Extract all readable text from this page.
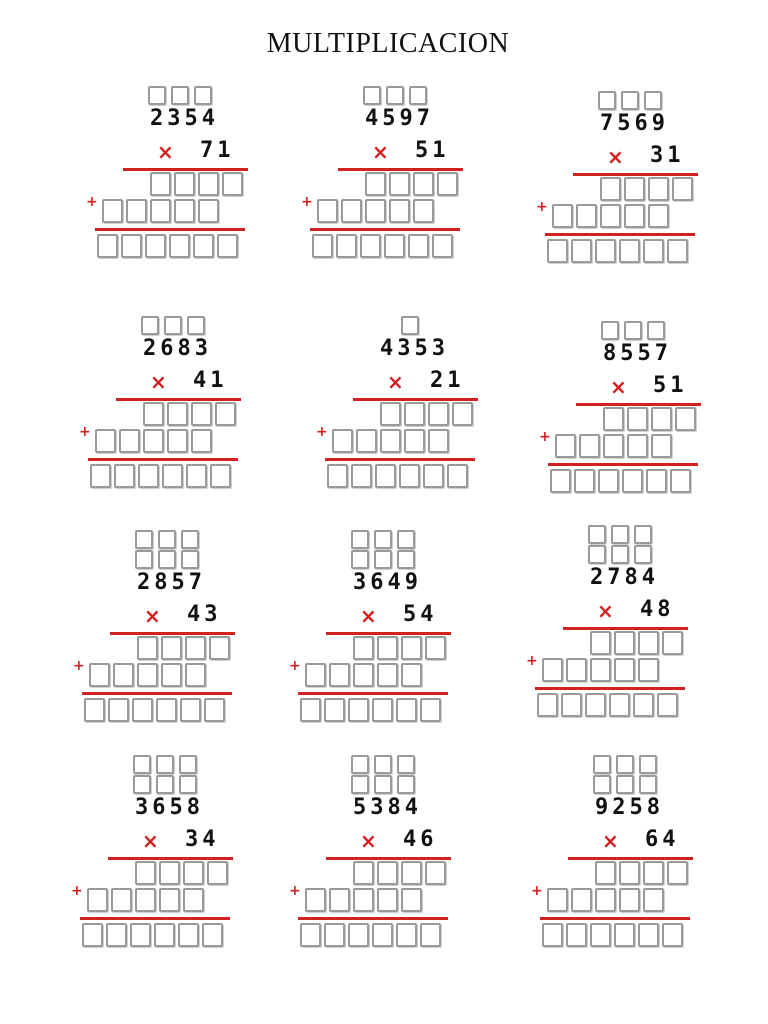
MULTIPLICACION
2354
× 71
+
4597
× 51
+
7569
× 31
+
2683
× 41
+
4353
× 21
+
8557
× 51
+
2857
× 43
+
3649
× 54
+
2784
× 48
+
3658
× 34
+
5384
× 46
+
9258
× 64
+
